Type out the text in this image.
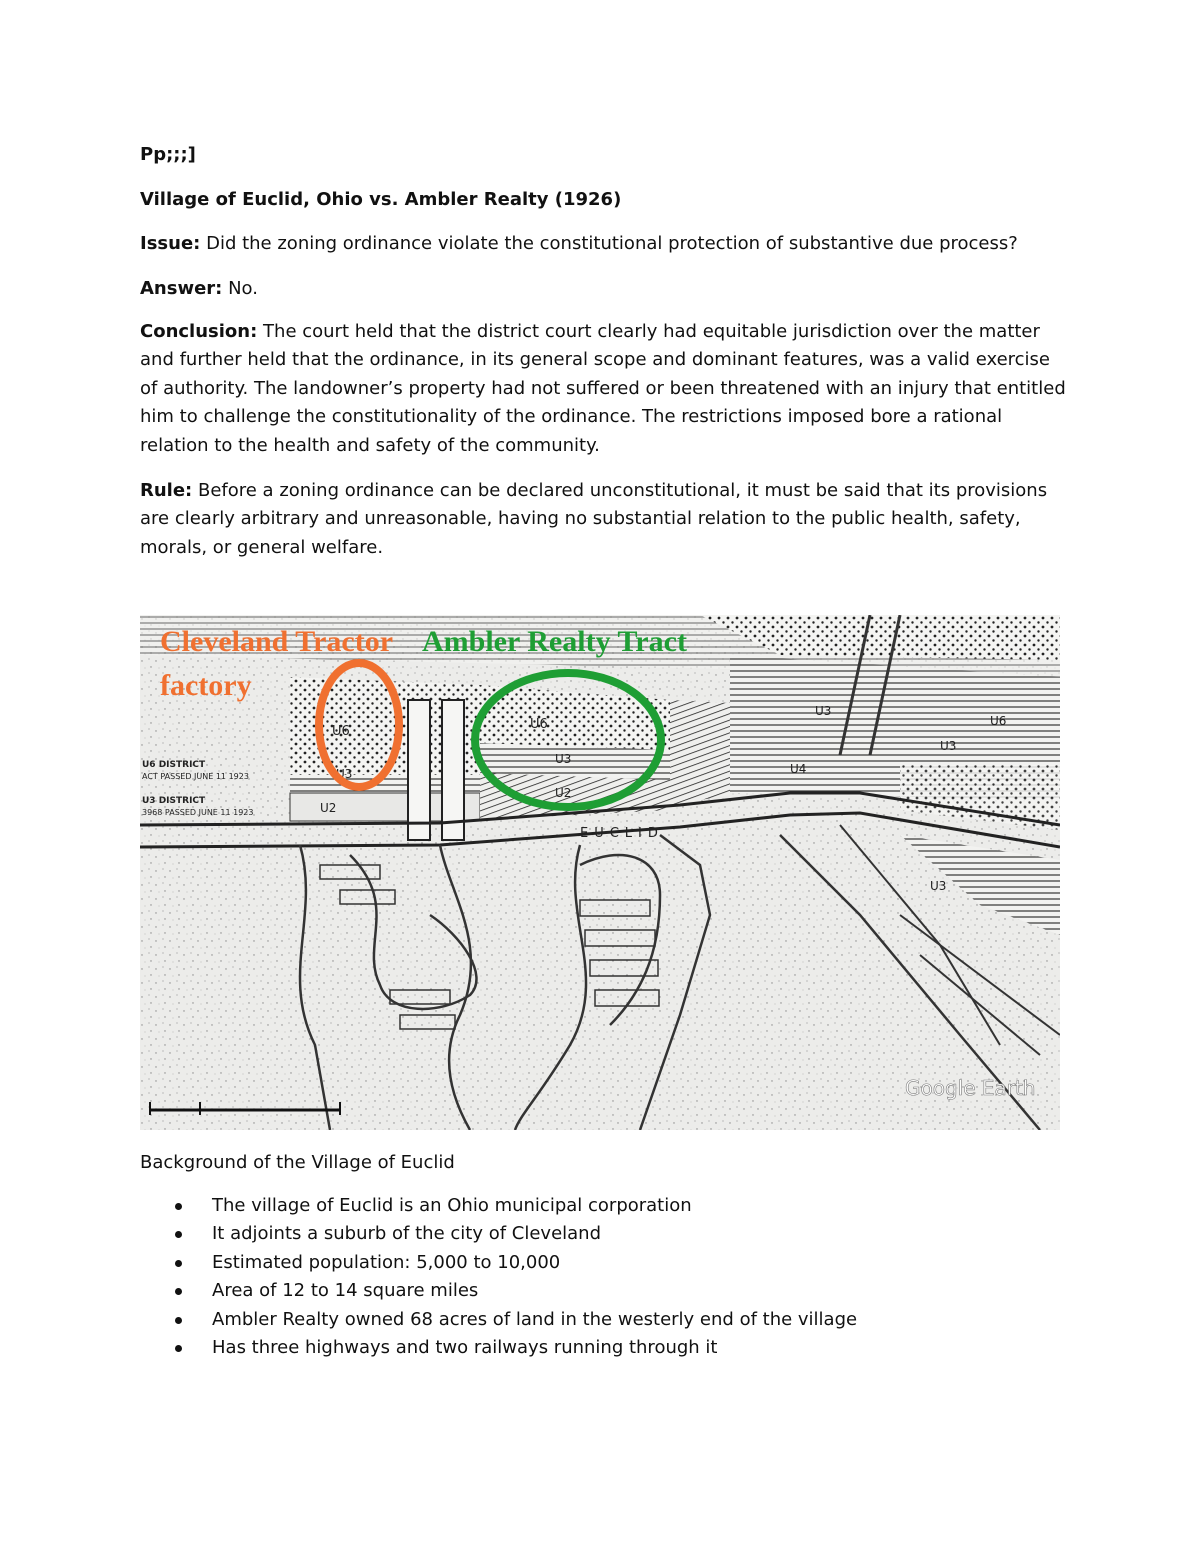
Pp;;;]
Village of Euclid, Ohio vs. Ambler Realty (1926)
Issue: Did the zoning ordinance violate the constitutional protection of substantive due process?
Answer: No.
Conclusion: The court held that the district court clearly had equitable jurisdiction over the matter and further held that the ordinance, in its general scope and dominant features, was a valid exercise of authority. The landowner’s property had not suffered or been threatened with an injury that entitled him to challenge the constitutionality of the ordinance. The restrictions imposed bore a rational relation to the health and safety of the community.
Rule: Before a zoning ordinance can be declared unconstitutional, it must be said that its provisions are clearly arbitrary and unreasonable, having no substantial relation to the public health, safety, morals, or general welfare.
EUCLID
U6 DISTRICT
ACT PASSED JUNE 11 1923
U3 DISTRICT
3968 PASSED JUNE 11 1923
U6
U3
U2
U6
U3
U2
U3
U4
U6
U3
U3
Cleveland Tractor
factory
Ambler Realty Tract
Google Earth
Background of the Village of Euclid
The village of Euclid is an Ohio municipal corporation
It adjoints a suburb of the city of Cleveland
Estimated population: 5,000 to 10,000
Area of 12 to 14 square miles
Ambler Realty owned 68 acres of land in the westerly end of the village
Has three highways and two railways running through it
